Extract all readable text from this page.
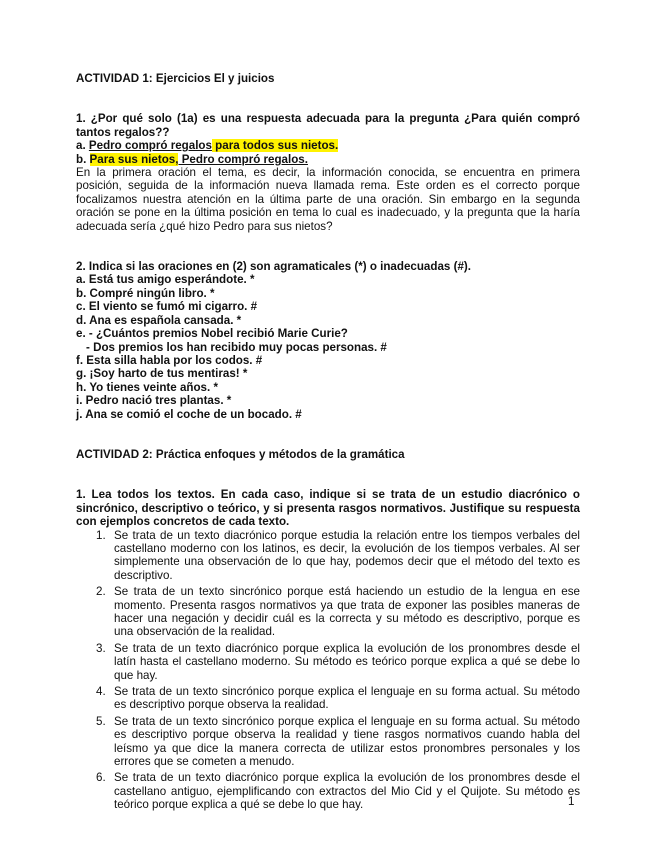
ACTIVIDAD 1: Ejercicios El y juicios
1. ¿Por qué solo (1a) es una respuesta adecuada para la pregunta ¿Para quién compró tantos regalos??
a. Pedro compró regalos para todos sus nietos.
b. Para sus nietos, Pedro compró regalos.
En la primera oración el tema, es decir, la información conocida, se encuentra en primera posición, seguida de la información nueva llamada rema. Este orden es el correcto porque focalizamos nuestra atención en la última parte de una oración. Sin embargo en la segunda oración se pone en la última posición en tema lo cual es inadecuado, y la pregunta que la haría adecuada sería ¿qué hizo Pedro para sus nietos?
2. Indica si las oraciones en (2) son agramaticales (*) o inadecuadas (#).
a. Está tus amigo esperándote. *
b. Compré ningún libro. *
c. El viento se fumó mi cigarro. #
d. Ana es española cansada. *
e. - ¿Cuántos premios Nobel recibió Marie Curie?
- Dos premios los han recibido muy pocas personas. #
f. Esta silla habla por los codos. #
g. ¡Soy harto de tus mentiras! *
h. Yo tienes veinte años. *
i. Pedro nació tres plantas. *
j. Ana se comió el coche de un bocado. #
ACTIVIDAD 2: Práctica enfoques y métodos de la gramática
1. Lea todos los textos. En cada caso, indique si se trata de un estudio diacrónico o sincrónico, descriptivo o teórico, y si presenta rasgos normativos. Justifique su respuesta con ejemplos concretos de cada texto.
1. Se trata de un texto diacrónico porque estudia la relación entre los tiempos verbales del castellano moderno con los latinos, es decir, la evolución de los tiempos verbales. Al ser simplemente una observación de lo que hay, podemos decir que el método del texto es descriptivo.
2. Se trata de un texto sincrónico porque está haciendo un estudio de la lengua en ese momento. Presenta rasgos normativos ya que trata de exponer las posibles maneras de hacer una negación y decidir cuál es la correcta y su método es descriptivo, porque es una observación de la realidad.
3. Se trata de un texto diacrónico porque explica la evolución de los pronombres desde el latín hasta el castellano moderno. Su método es teórico porque explica a qué se debe lo que hay.
4. Se trata de un texto sincrónico porque explica el lenguaje en su forma actual. Su método es descriptivo porque observa la realidad.
5. Se trata de un texto sincrónico porque explica el lenguaje en su forma actual. Su método es descriptivo porque observa la realidad y tiene rasgos normativos cuando habla del leísmo ya que dice la manera correcta de utilizar estos pronombres personales y los errores que se cometen a menudo.
6. Se trata de un texto diacrónico porque explica la evolución de los pronombres desde el castellano antiguo, ejemplificando con extractos del Mio Cid y el Quijote. Su método es teórico porque explica a qué se debe lo que hay.	1
